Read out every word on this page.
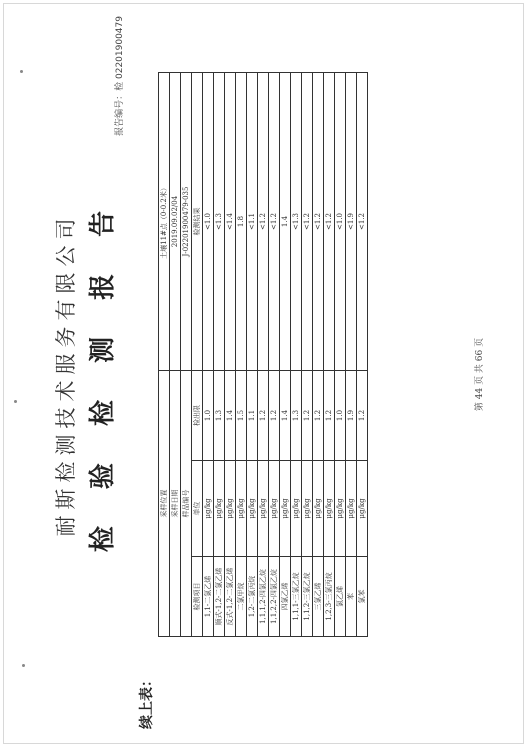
耐斯检测技术服务有限公司 检 验 检 测 报 告
报告编号：检 02201900479
续上表：
采样位置			土壤11#点（0-0.2米）
采样日期			2019.09.02/04
样品编号			J-02201900479-035
检测项目	单位	检出限	检测结果
1,1-二氯乙烯	μg/kg	1.0	<1.0
顺式-1,2-二氯乙烯	μg/kg	1.3	<1.3
反式-1,2-二氯乙烯	μg/kg	1.4	<1.4
二氯甲烷	μg/kg	1.5	1.8
1,2-二氯丙烷	μg/kg	1.1	<1.1
1,1,1,2-四氯乙烷	μg/kg	1.2	<1.2
1,1,2,2-四氯乙烷	μg/kg	1.2	<1.2
四氯乙烯	μg/kg	1.4	1.4
1,1,1-三氯乙烷	μg/kg	1.3	<1.3
1,1,2-三氯乙烷	μg/kg	1.2	<1.2
三氯乙烯	μg/kg	1.2	<1.2
1,2,3-三氯丙烷	μg/kg	1.2	<1.2
氯乙烯	μg/kg	1.0	<1.0
苯	μg/kg	1.9	<1.9
氯苯	μg/kg	1.2	<1.2
第 44 页 共 66 页
